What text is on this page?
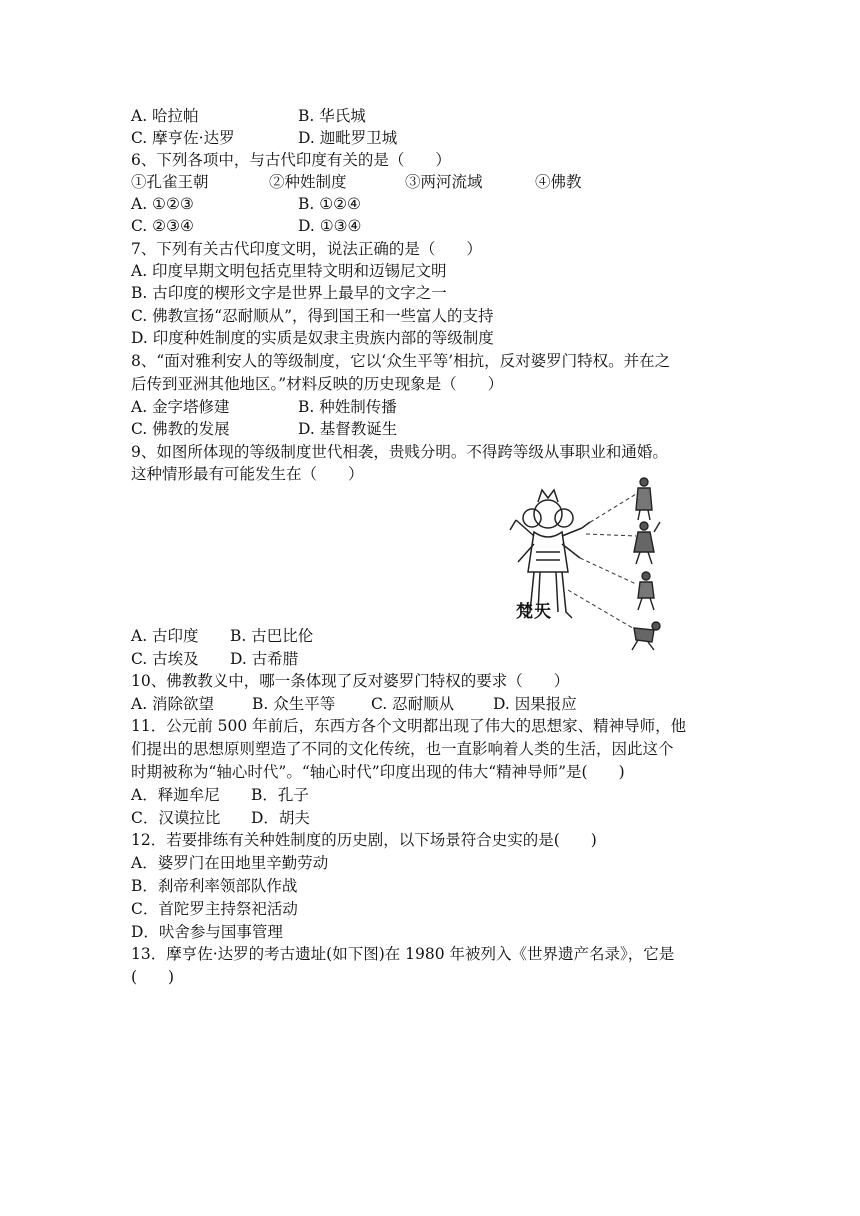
A. 哈拉帕	B. 华氏城
C. 摩亨佐·达罗	D. 迦毗罗卫城
6、下列各项中，与古代印度有关的是（　　）
①孔雀王朝	②种姓制度	③两河流域	④佛教
A. ①②③	B. ①②④
C. ②③④	D. ①③④
7、下列有关古代印度文明，说法正确的是（　　）
A. 印度早期文明包括克里特文明和迈锡尼文明
B. 古印度的楔形文字是世界上最早的文字之一
C. 佛教宣扬“忍耐顺从”，得到国王和一些富人的支持
D. 印度种姓制度的实质是奴隶主贵族内部的等级制度
8、“面对雅利安人的等级制度，它以‘众生平等’相抗，反对婆罗门特权。并在之
后传到亚洲其他地区。”材料反映的历史现象是（　　）
A. 金字塔修建	B. 种姓制传播
C. 佛教的发展	D. 基督教诞生
9、如图所体现的等级制度世代相袭，贵贱分明。不得跨等级从事职业和通婚。
这种情形最有可能发生在（　　）
梵天
A. 古印度 B. 古巴比伦
C. 古埃及 D. 古希腊
10、佛教教义中，哪一条体现了反对婆罗门特权的要求（　　）
A. 消除欲望 B. 众生平等 C. 忍耐顺从	D. 因果报应
11．公元前 500 年前后，东西方各个文明都出现了伟大的思想家、精神导师，他
们提出的思想原则塑造了不同的文化传统，也一直影响着人类的生活，因此这个
时期被称为“轴心时代”。“轴心时代”印度出现的伟大“精神导师”是(　　)
A．释迦牟尼 B．孔子
C．汉谟拉比 D．胡夫
12．若要排练有关种姓制度的历史剧，以下场景符合史实的是(　　)
A．婆罗门在田地里辛勤劳动
B．刹帝利率领部队作战
C．首陀罗主持祭祀活动
D．吠舍参与国事管理
13．摩亨佐·达罗的考古遗址(如下图)在 1980 年被列入《世界遗产名录》，它是
(　　)
